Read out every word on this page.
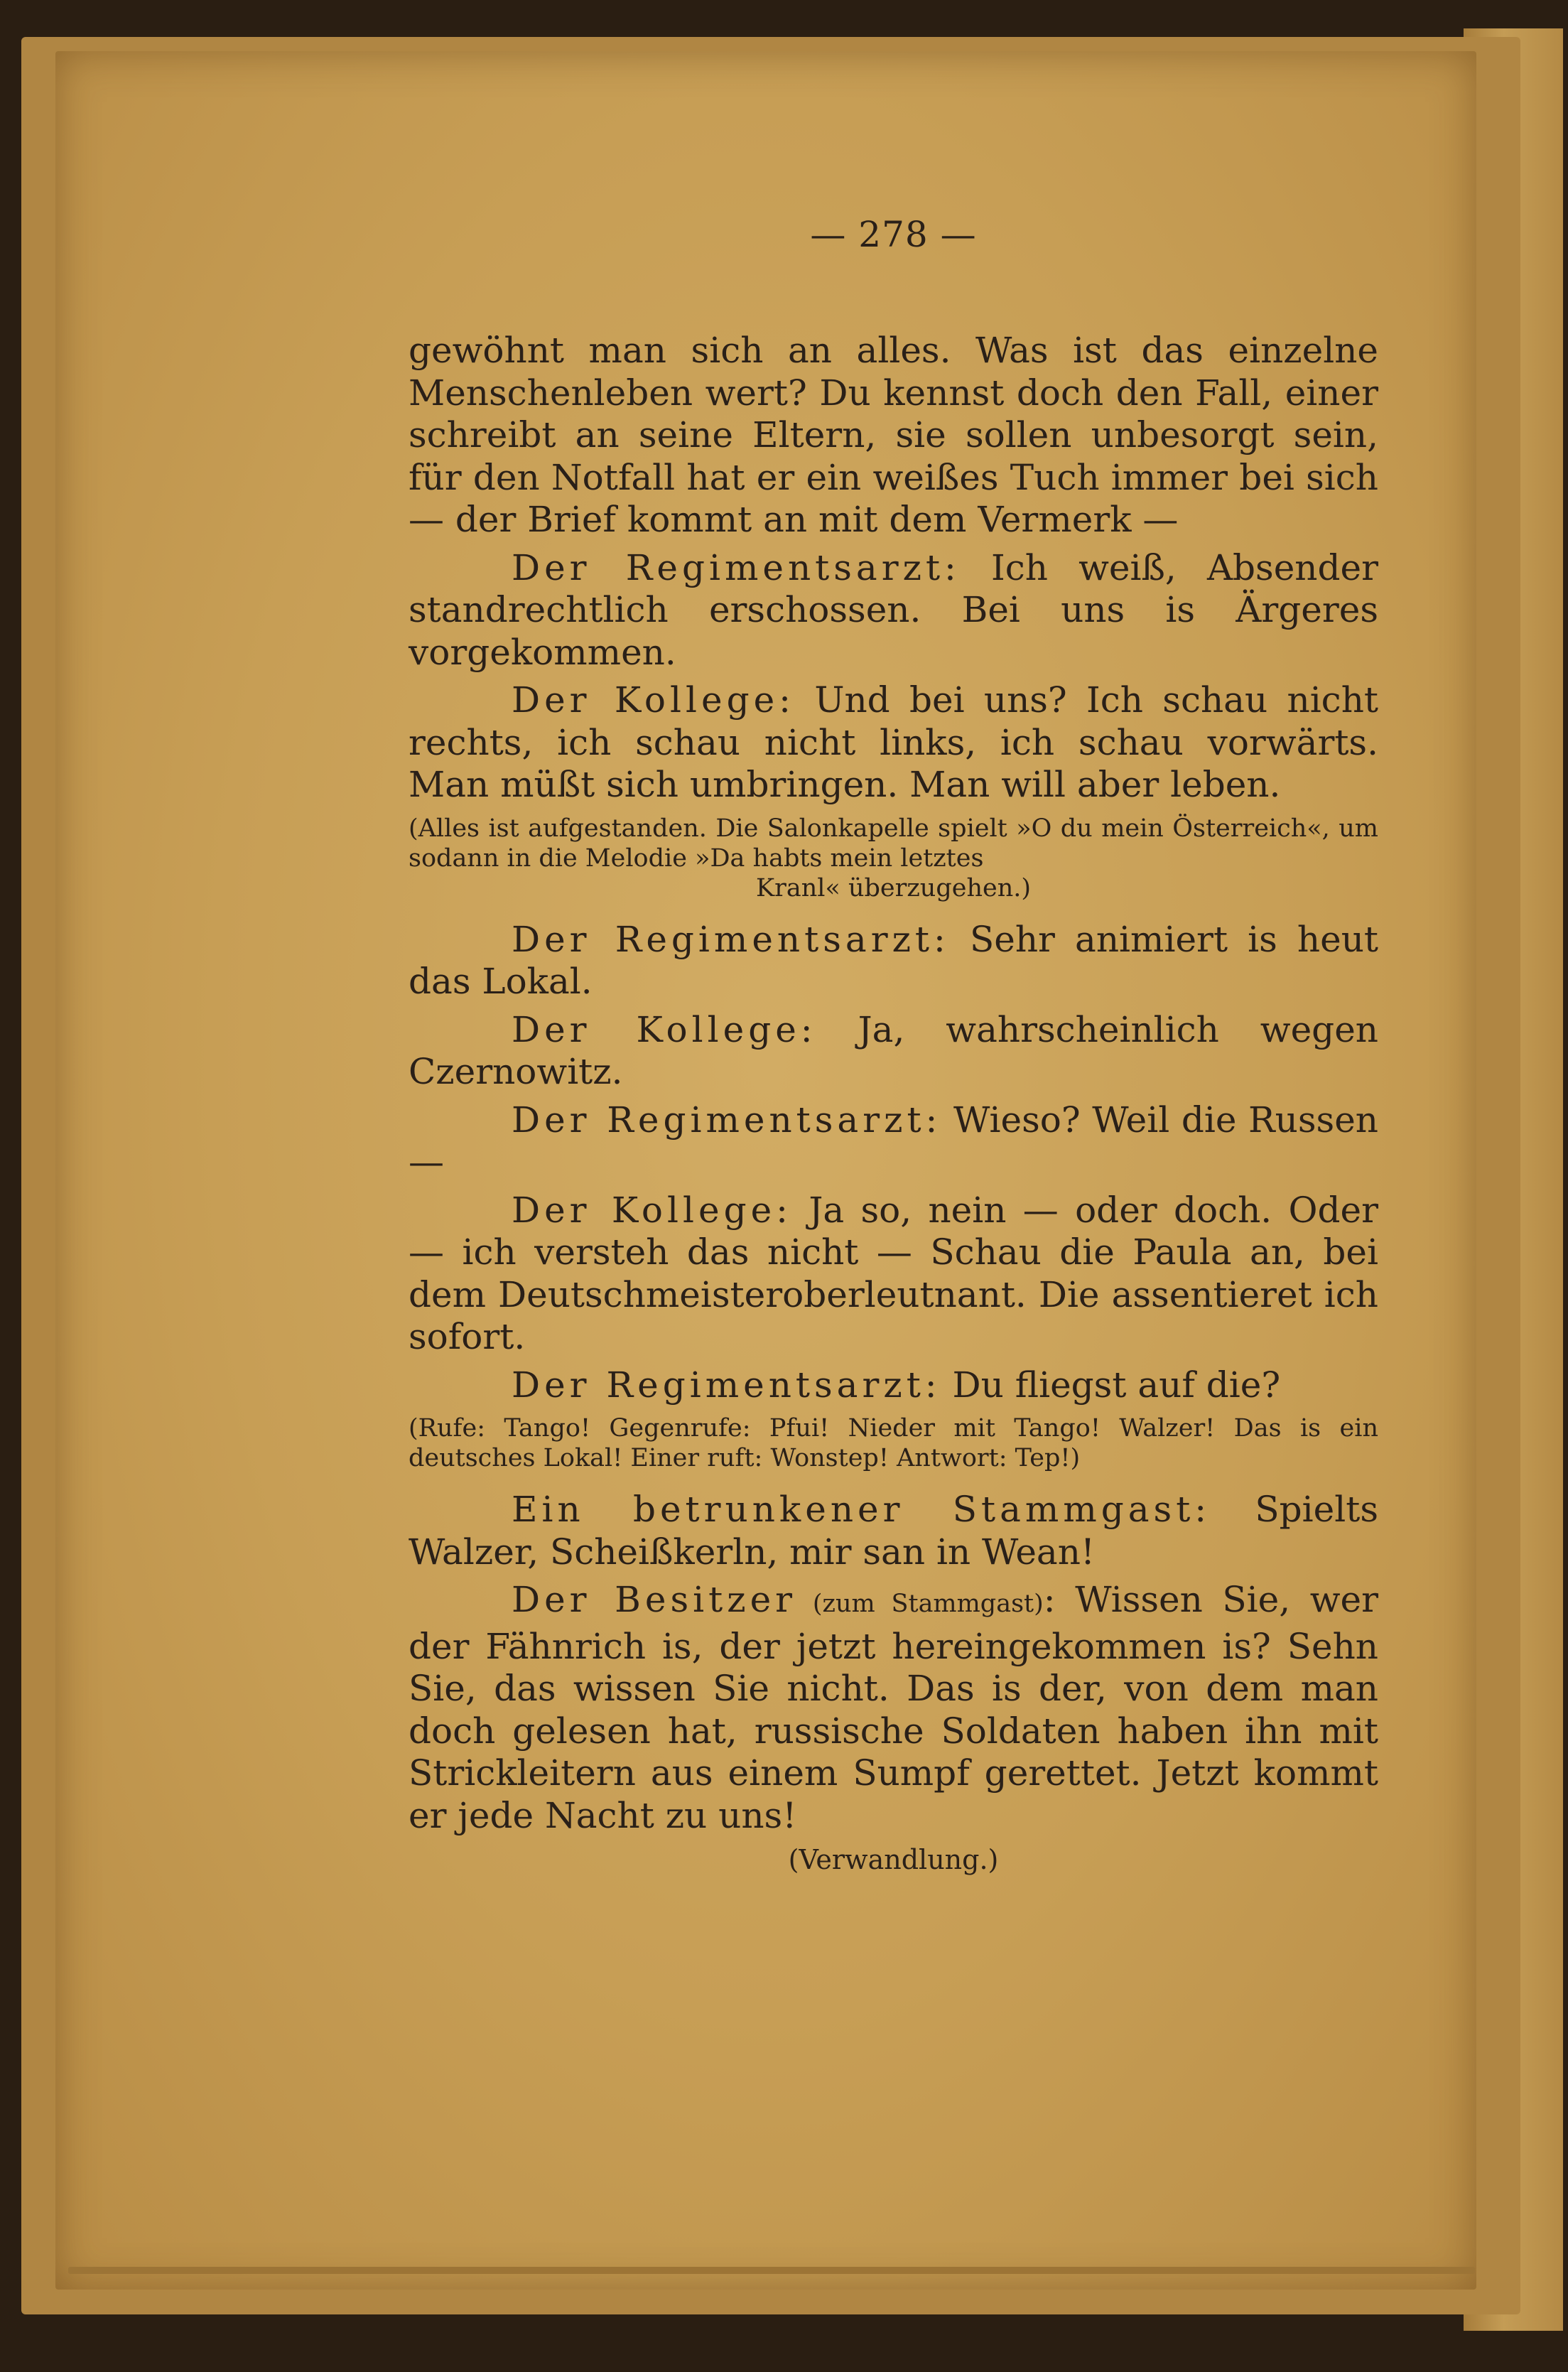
— 278 —

gewöhnt man sich an alles. Was ist das einzelne Menschenleben wert? Du kennst doch den Fall, einer schreibt an seine Eltern, sie sollen unbesorgt sein, für den Notfall hat er ein weißes Tuch immer bei sich — der Brief kommt an mit dem Vermerk —

Der Regimentsarzt: Ich weiß, Absender standrechtlich erschossen. Bei uns is Ärgeres vorgekommen.

Der Kollege: Und bei uns? Ich schau nicht rechts, ich schau nicht links, ich schau vorwärts. Man müßt sich umbringen. Man will aber leben.

(Alles ist aufgestanden. Die Salonkapelle spielt »O du mein Österreich«, um sodann in die Melodie »Da habts mein letztes
Kranl« überzugehen.)

Der Regimentsarzt: Sehr animiert is heut das Lokal.

Der Kollege: Ja, wahrscheinlich wegen Czernowitz.

Der Regimentsarzt: Wieso? Weil die Russen —

Der Kollege: Ja so, nein — oder doch. Oder — ich versteh das nicht — Schau die Paula an, bei dem Deutschmeisteroberleutnant. Die assentieret ich sofort.

Der Regimentsarzt: Du fliegst auf die?

(Rufe: Tango! Gegenrufe: Pfui! Nieder mit Tango! Walzer! Das is ein deutsches Lokal! Einer ruft: Wonstep! Antwort: Tep!)

Ein betrunkener Stammgast: Spielts Walzer, Scheißkerln, mir san in Wean!

Der Besitzer (zum Stammgast): Wissen Sie, wer der Fähnrich is, der jetzt hereingekommen is? Sehn Sie, das wissen Sie nicht. Das is der, von dem man doch gelesen hat, russische Soldaten haben ihn mit Strickleitern aus einem Sumpf gerettet. Jetzt kommt er jede Nacht zu uns!

(Verwandlung.)
